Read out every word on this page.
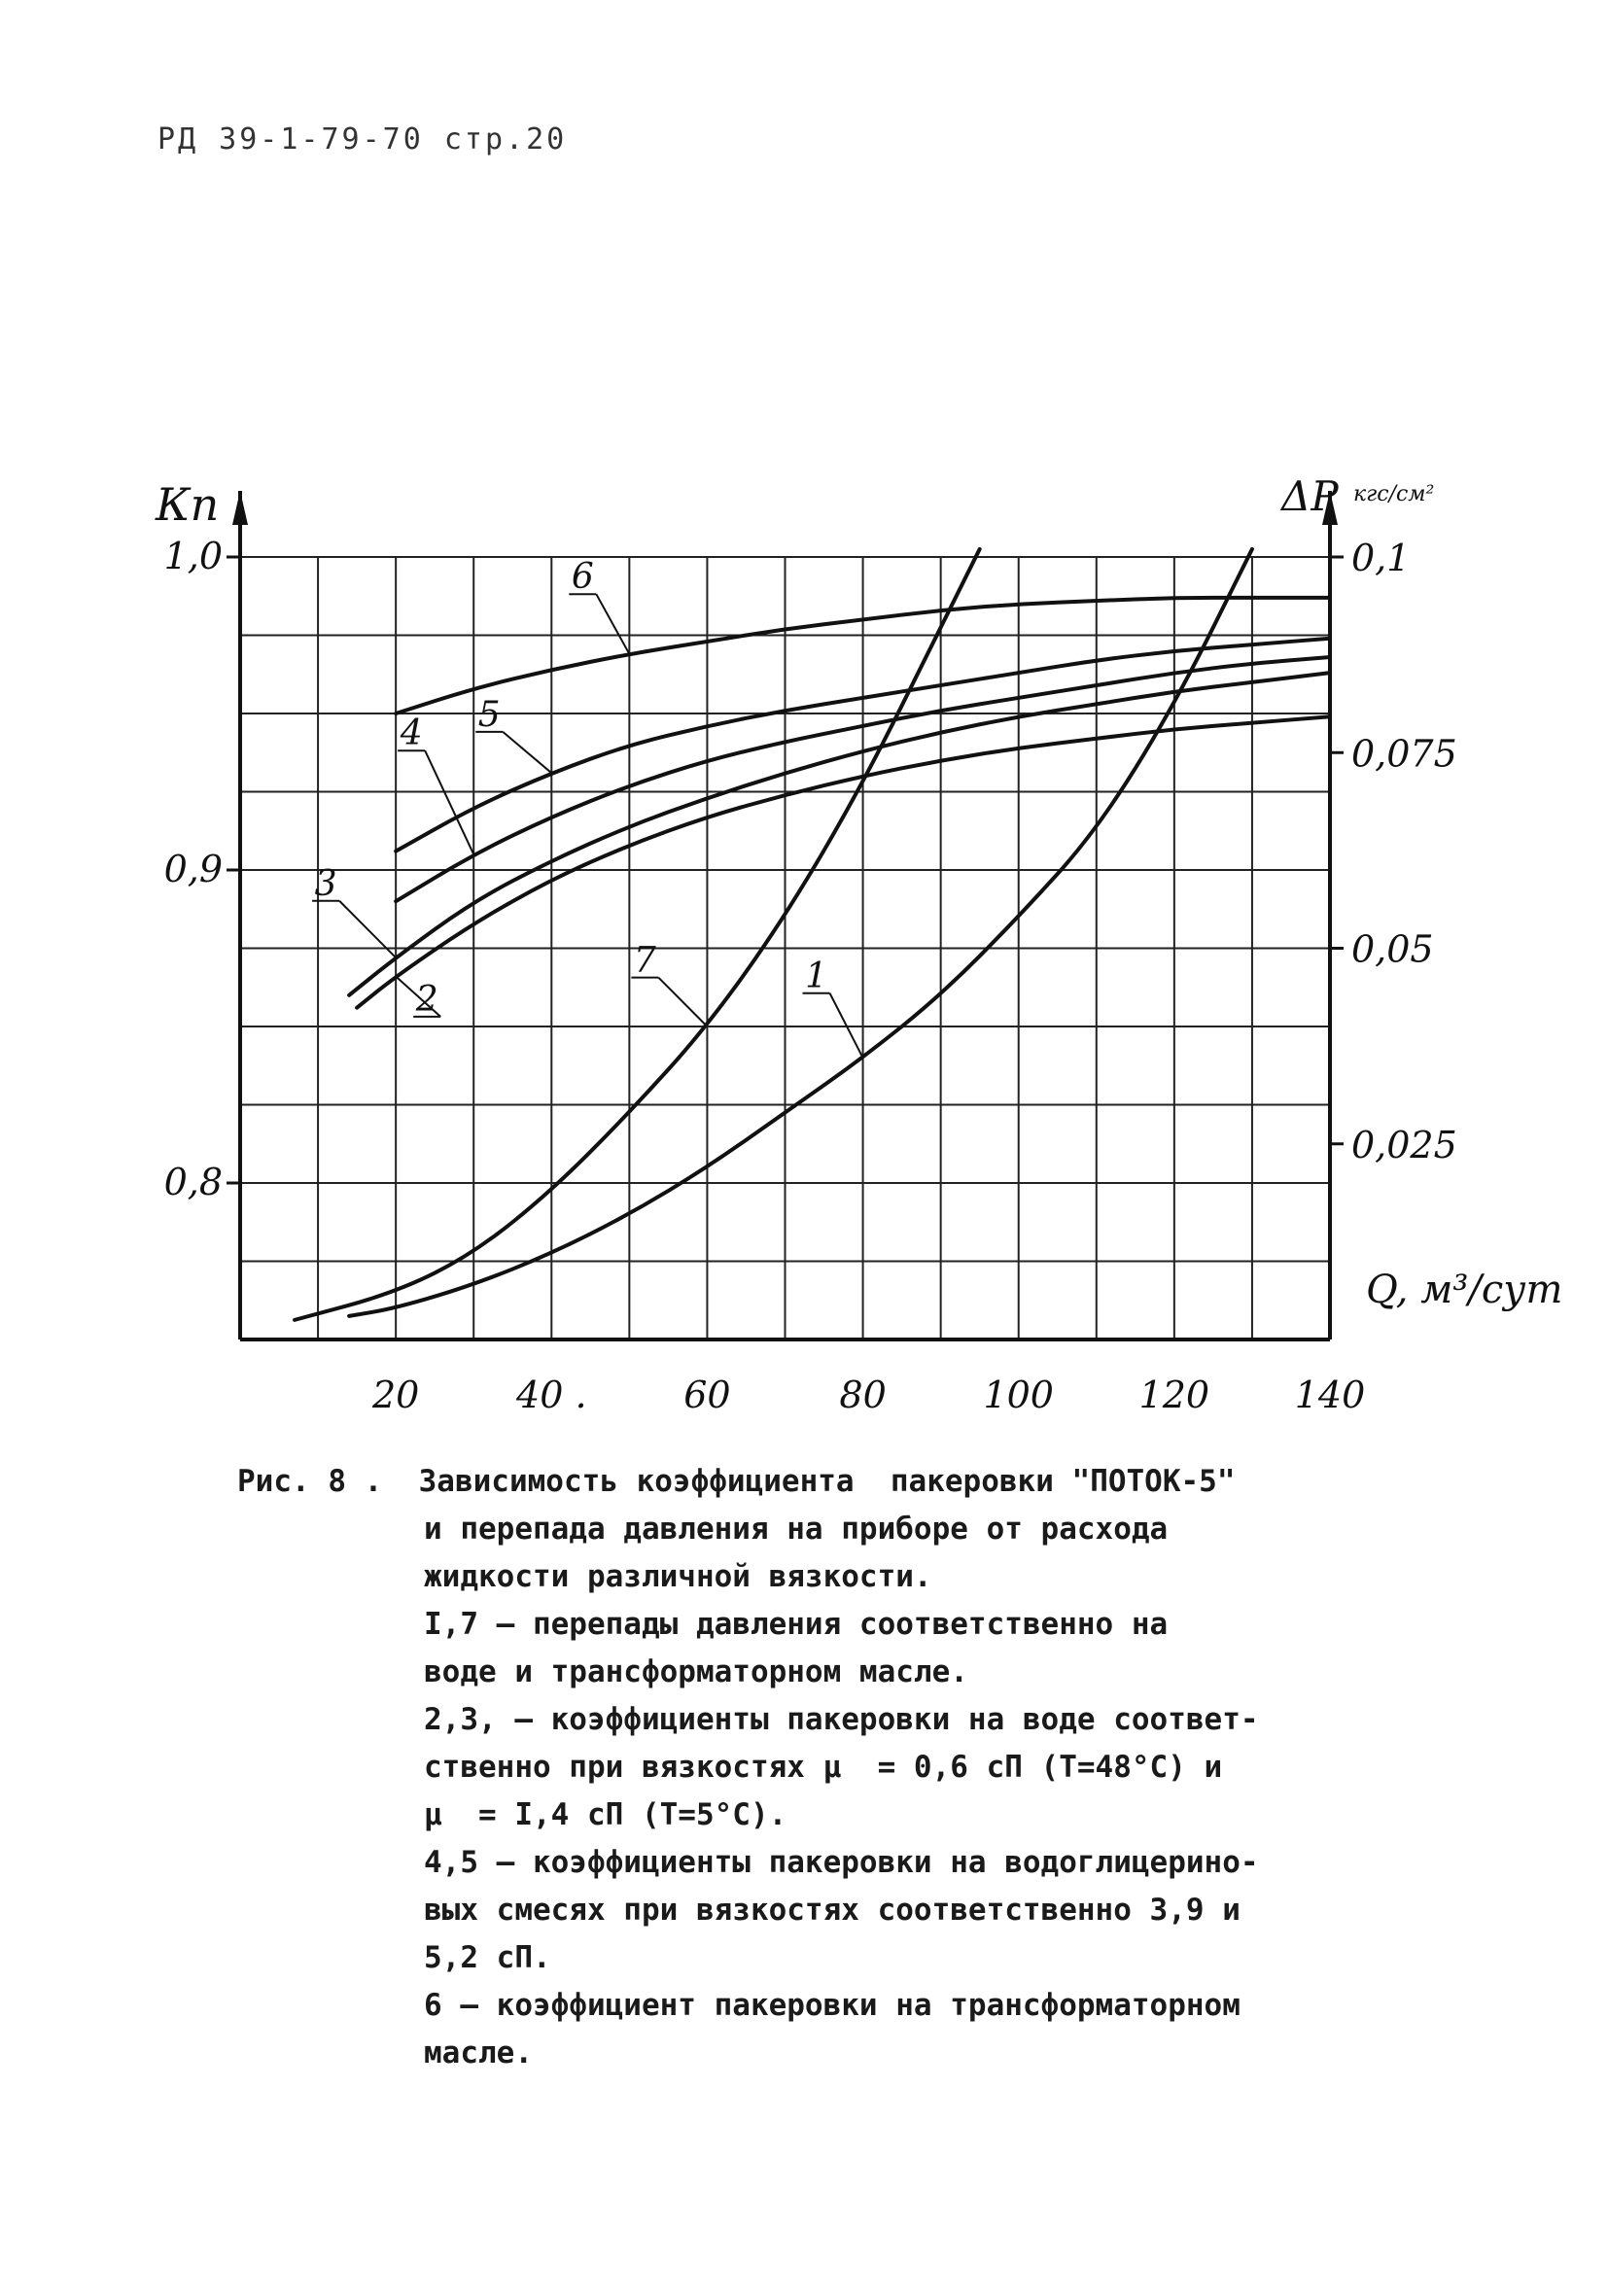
РД 39-1-79-70 стр.20
0,8
0,9
1,0
0,025
0,05
0,075
0,1
20	40 .	60	80	100 120 140
Кп	ΔР кгс/см²
Q, м³/сут
6
5
4
3
2
7	1
Рис. 8 . Зависимость коэффициента  пакеровки "ПОТОК-5"
и перепада давления на приборе от расхода
жидкости различной вязкости.
I,7 – перепады давления соответственно на
воде и трансформаторном масле.
2,3, – коэффициенты пакеровки на воде соответ-
ственно при вязкостях μ  = 0,6 сП (Т=48°С) и
μ  = I,4 сП (Т=5°С).
4,5 – коэффициенты пакеровки на водоглицерино-
вых смесях при вязкостях соответственно 3,9 и
5,2 сП.
6 – коэффициент пакеровки на трансформаторном
масле.
